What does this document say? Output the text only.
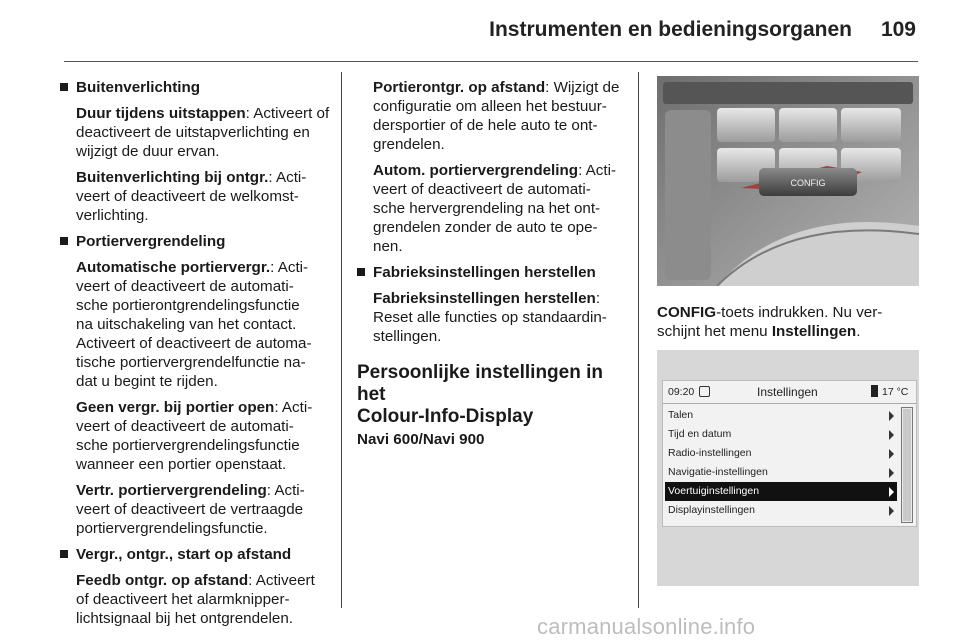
Instrumenten en bedieningsorganen 109
Buitenverlichting

Duur tijdens uitstappen: Activeert of
deactiveert de uitstapverlichting en
wijzigt de duur ervan.

Buitenverlichting bij ontgr.: Acti-
veert of deactiveert de welkomst-
verlichting.

Portiervergrendeling

Automatische portiervergr.: Acti-
veert of deactiveert de automati-
sche portierontgrendelingsfunctie
na uitschakeling van het contact.
Activeert of deactiveert de automa-
tische portiervergrendelfunctie na-
dat u begint te rijden.

Geen vergr. bij portier open: Acti-
veert of deactiveert de automati-
sche portiervergrendelingsfunctie
wanneer een portier openstaat.

Vertr. portiervergrendeling: Acti-
veert of deactiveert de vertraagde
portiervergrendelingsfunctie.

Vergr., ontgr., start op afstand

Feedb ontgr. op afstand: Activeert
of deactiveert het alarmknipper-
lichtsignaal bij het ontgrendelen.

Portierontgr. op afstand: Wijzigt de
configuratie om alleen het bestuur-
dersportier of de hele auto te ont-
grendelen.

Autom. portiervergrendeling: Acti-
veert of deactiveert de automati-
sche hervergrendeling na het ont-
grendelen zonder de auto te ope-
nen.

Fabrieksinstellingen herstellen

Fabrieksinstellingen herstellen:
Reset alle functies op standaardin-
stellingen.

Persoonlijke instellingen in het
Colour-Info-Display
Navi 600/Navi 900
CONFIG

CONFIG-toets indrukken. Nu ver-
schijnt het menu Instellingen.

09:20	Instellingen	17 °C
Talen
Tijd en datum
Radio-instellingen
Navigatie-instellingen
Voertuiginstellingen
Displayinstellingen
carmanualsonline.info
